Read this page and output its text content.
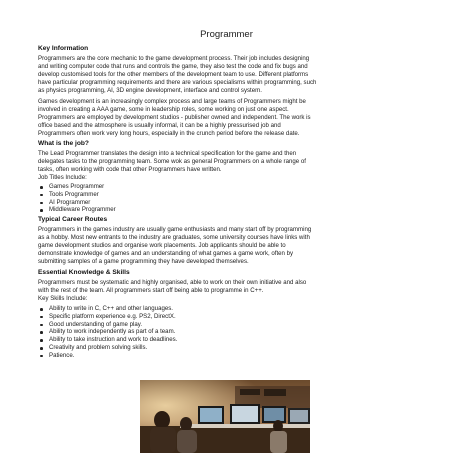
Programmer
Key Information
Programmers are the core mechanic to the game development process. Their job includes designing
and writing computer code that runs and controls the game, they also test the code and fix bugs and
develop customised tools for the other members of the development team to use. Different platforms
have particular programming requirements and there are various specialisms within programming, such
as physics programming, AI, 3D engine development, interface and control system.
Games development is an increasingly complex process and large teams of Programmers might be
involved in creating a AAA game, some in leadership roles, some working on just one aspect.
Programmers are employed by development studios - publisher owned and independent. The work is
office based and the atmosphere is usually informal, it can be a highly pressurised job and
Programmers often work very long hours, especially in the crunch period before the release date.
What is the job?
The Lead Programmer translates the design into a technical specification for the game and then
delegates tasks to the programming team. Some wok as general Programmers on a whole range of
tasks, often working with code that other Programmers have written.
Job Titles Include:
Games Programmer
Tools Programmer
AI Programmer
Middleware Programmer
Typical Career Routes
Programmers in the games industry are usually game enthusiasts and many start off by programming
as a hobby. Most new entrants to the industry are graduates, some university courses have links with
game development studios and organise work placements. Job applicants should be able to
demonstrate knowledge of games and an understanding of what games a game work, often by
submitting samples of a game programming they have developed themselves.
Essential Knowledge & Skills
Programmers must be systematic and highly organised, able to work on their own initiative and also
with the rest of the team. All programmers start off being able to programme in C++.
Key Skills Include:
Ability to write in C, C++ and other languages.
Specific platform experience e.g. PS2, DirectX.
Good understanding of game play.
Ability to work independently as part of a team.
Ability to take instruction and work to deadlines.
Creativity and problem solving skills.
Patience.
